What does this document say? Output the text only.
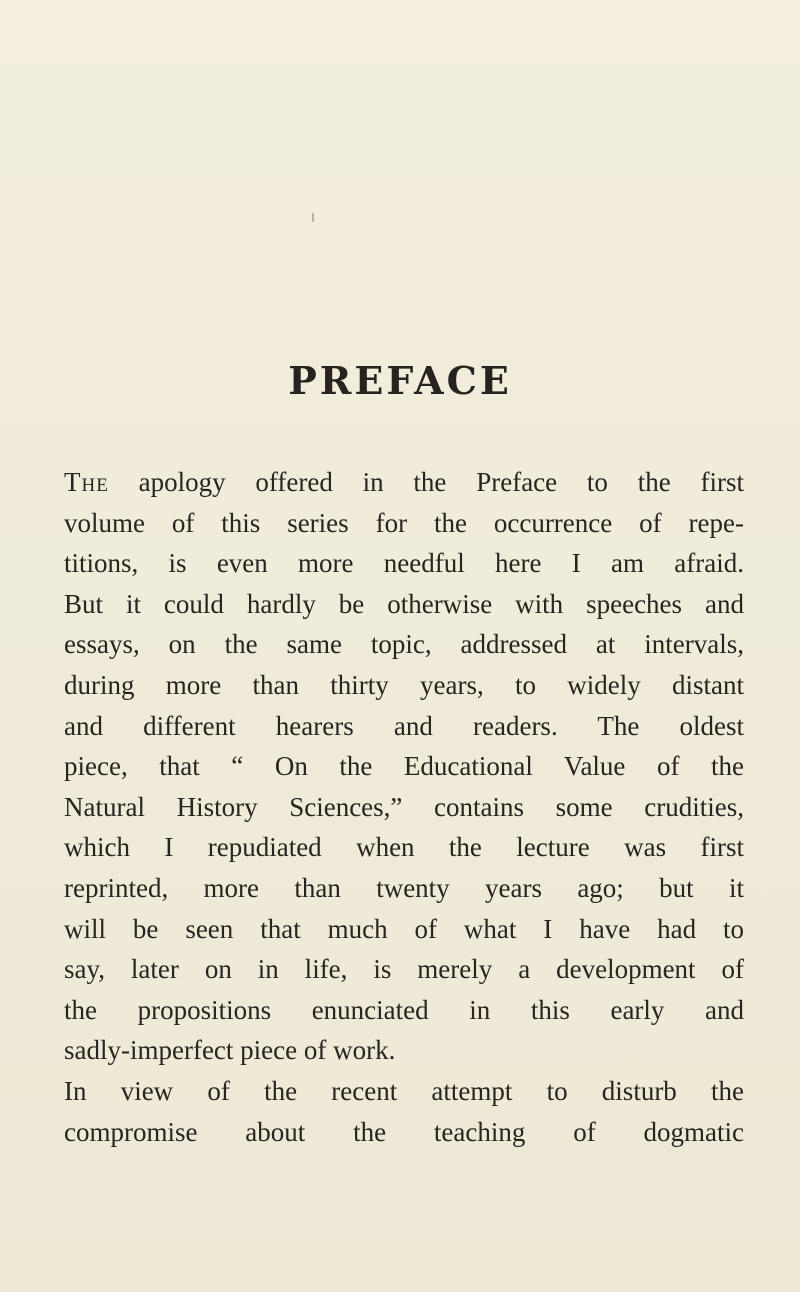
PREFACE
The apology offered in the Preface to the first
volume of this series for the occurrence of repe-
titions, is even more needful here I am afraid.
But it could hardly be otherwise with speeches and
essays, on the same topic, addressed at intervals,
during more than thirty years, to widely distant
and different hearers and readers. The oldest
piece, that “ On the Educational Value of the
Natural History Sciences,” contains some crudities,
which I repudiated when the lecture was first
reprinted, more than twenty years ago; but it
will be seen that much of what I have had to
say, later on in life, is merely a development of
the propositions enunciated in this early and
sadly-imperfect piece of work.
In view of the recent attempt to disturb the
compromise about the teaching of dogmatic
